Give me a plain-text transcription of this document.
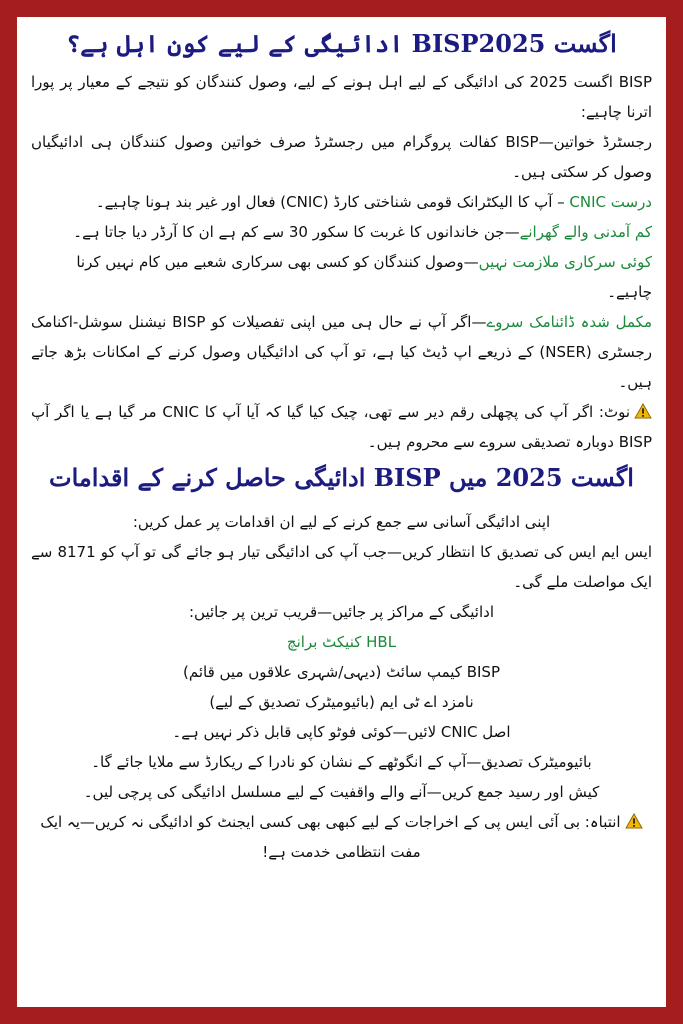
اگست BISP2025 ادائیگی کے لیے کون اہل ہے؟

BISP اگست 2025 کی ادائیگی کے لیے اہل ہونے کے لیے، وصول کنندگان کو نتیجے کے معیار پر پورا اترنا چاہیے:

رجسٹرڈ خواتین—BISP کفالت پروگرام میں رجسٹرڈ صرف خواتین وصول کنندگان ہی ادائیگیاں وصول کر سکتی ہیں۔

درست CNIC – آپ کا الیکٹرانک قومی شناختی کارڈ (CNIC) فعال اور غیر بند ہونا چاہیے۔

کم آمدنی والے گھرانے—جن خاندانوں کا غربت کا سکور 30 سے کم ہے ان کا آرڈر دیا جاتا ہے۔

کوئی سرکاری ملازمت نہیں—وصول کنندگان کو کسی بھی سرکاری شعبے میں کام نہیں کرنا چاہیے۔

مکمل شدہ ڈائنامک سروے—اگر آپ نے حال ہی میں اپنی تفصیلات کو BISP نیشنل سوشل-اکنامک رجسٹری (NSER) کے ذریعے اپ ڈیٹ کیا ہے، تو آپ کی ادائیگیاں وصول کرنے کے امکانات بڑھ جاتے ہیں۔

نوٹ: اگر آپ کی پچھلی رقم دیر سے تھی، چیک کیا گیا کہ آیا آپ کا CNIC مر گیا ہے یا اگر آپ BISP دوبارہ تصدیقی سروے سے محروم ہیں۔

اگست 2025 میں BISP ادائیگی حاصل کرنے کے اقدامات

اپنی ادائیگی آسانی سے جمع کرنے کے لیے ان اقدامات پر عمل کریں:

ایس ایم ایس کی تصدیق کا انتظار کریں—جب آپ کی ادائیگی تیار ہو جائے گی تو آپ کو 8171 سے ایک مواصلت ملے گی۔

ادائیگی کے مراکز پر جائیں—قریب ترین پر جائیں:

HBL کنیکٹ برانچ

BISP کیمپ سائٹ (دیہی/شہری علاقوں میں قائم)

نامزد اے ٹی ایم (بائیومیٹرک تصدیق کے لیے)

اصل CNIC لائیں—کوئی فوٹو کاپی قابل ذکر نہیں ہے۔

بائیومیٹرک تصدیق—آپ کے انگوٹھے کے نشان کو نادرا کے ریکارڈ سے ملایا جائے گا۔

کیش اور رسید جمع کریں—آنے والے واقفیت کے لیے مسلسل ادائیگی کی پرچی لیں۔

انتباہ: بی آئی ایس پی کے اخراجات کے لیے کبھی بھی کسی ایجنٹ کو ادائیگی نہ کریں—یہ ایک مفت انتظامی خدمت ہے!
